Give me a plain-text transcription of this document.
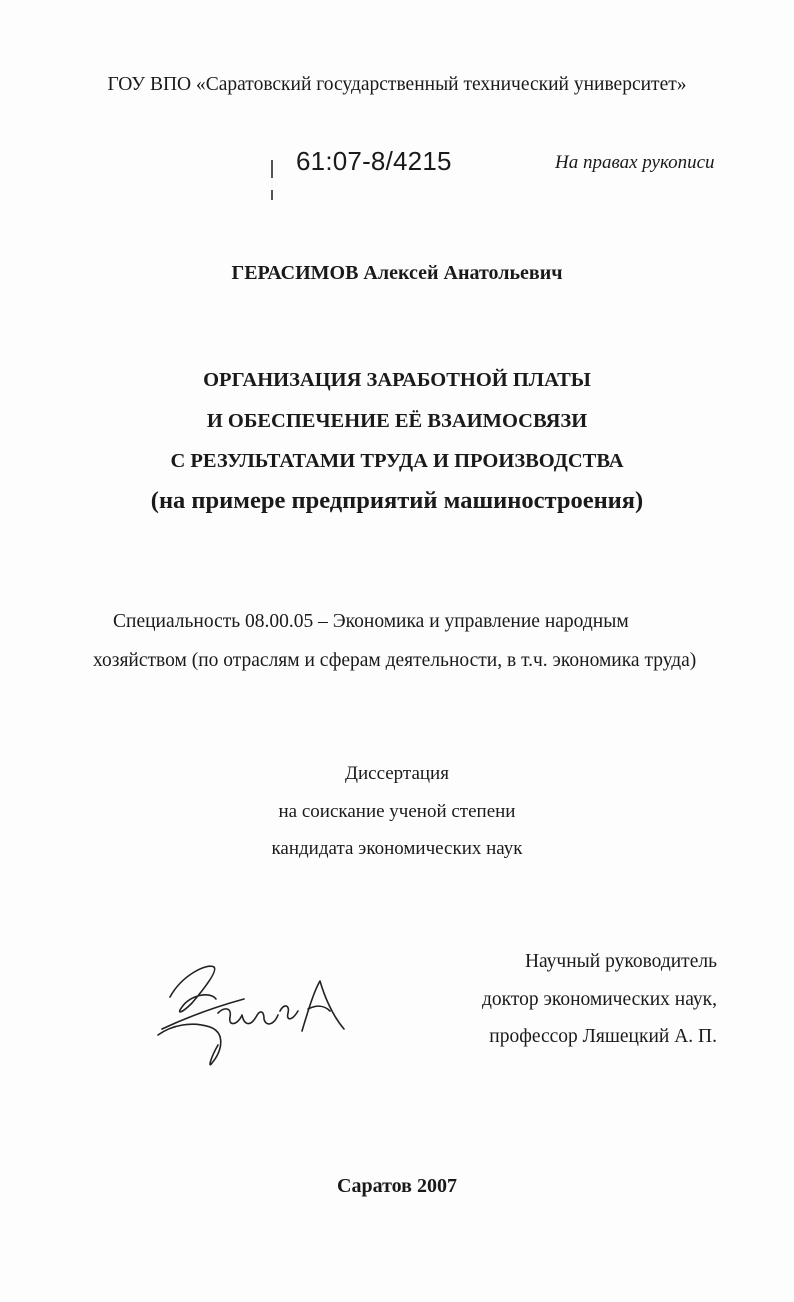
ГОУ ВПО «Саратовский государственный технический университет»
61:07-8/4215	На правах рукописи
ГЕРАСИМОВ Алексей Анатольевич
ОРГАНИЗАЦИЯ ЗАРАБОТНОЙ ПЛАТЫ
И ОБЕСПЕЧЕНИЕ ЕЁ ВЗАИМОСВЯЗИ
С РЕЗУЛЬТАТАМИ ТРУДА И ПРОИЗВОДСТВА
(на примере предприятий машиностроения)
Специальность 08.00.05 – Экономика и управление народным
хозяйством (по отраслям и сферам деятельности, в т.ч. экономика труда)
Диссертация
на соискание ученой степени
кандидата экономических наук
Научный руководитель
доктор экономических наук,
профессор Ляшецкий А. П.
Саратов 2007
